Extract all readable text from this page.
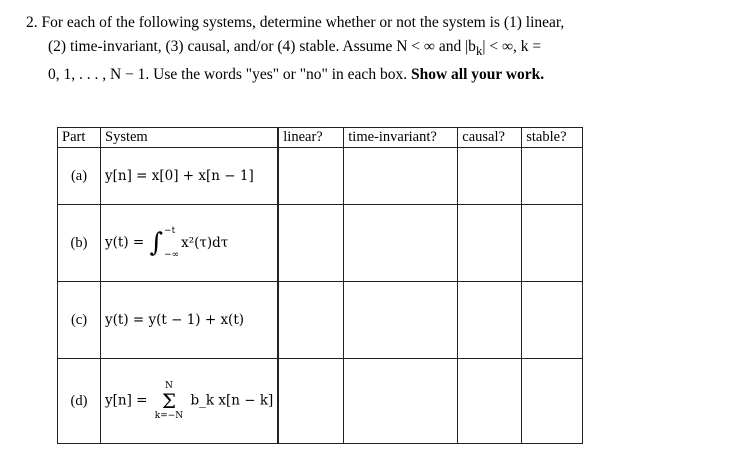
2. For each of the following systems, determine whether or not the system is (1) linear,
(2) time-invariant, (3) causal, and/or (4) stable. Assume N < ∞ and $|b_k|$ < ∞, k =
0, 1, . . . , N − 1. Use the words "yes" or "no" in each box. Show all your work.
Part	System		linear?	time-invariant?	causal?	stable?
(a)	y[n] = x[0] + x[n − 1]					
(b)	y(t) = ∫ −t
−∞
x²(τ)dτ				

(c)	y(t) = y(t − 1) + x(t)					
(d)	y[n] =
N
Σ
k=−N
b_k x[n − k]					
